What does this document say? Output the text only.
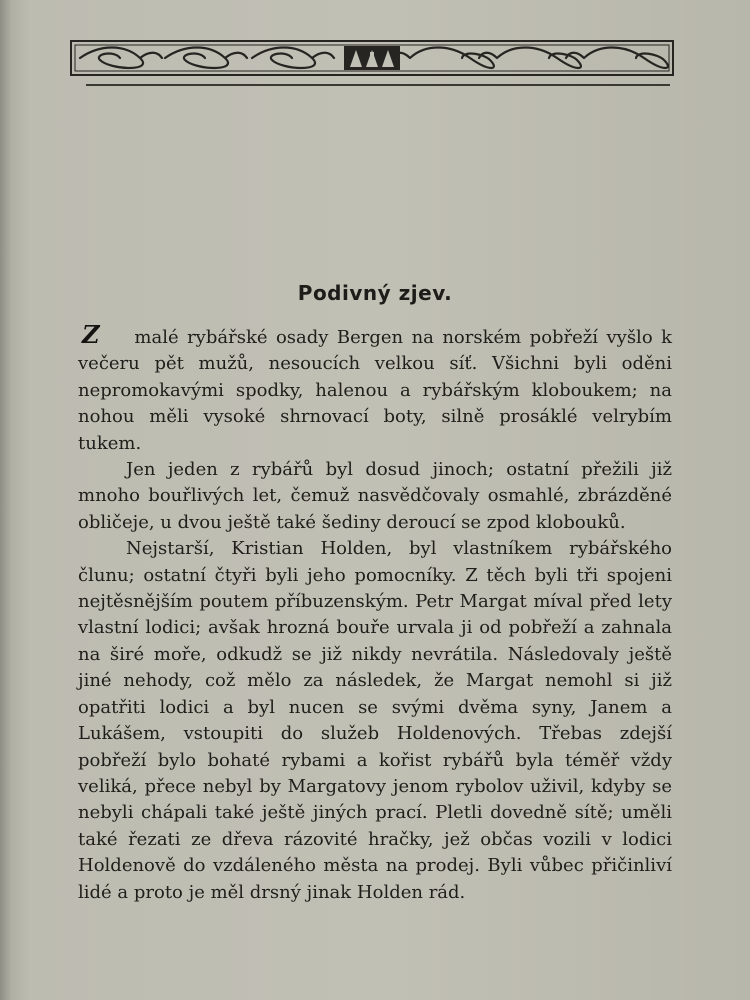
Podivný zjev.

Z malé rybářské osady Bergen na norském pobřeží vyšlo k večeru pět mužů, nesoucích velkou síť. Všichni byli oděni nepromokavými spodky, halenou a rybářským kloboukem; na nohou měli vysoké shrnovací boty, silně prosáklé velrybím tukem.

Jen jeden z rybářů byl dosud jinoch; ostatní přežili již mnoho bouřlivých let, čemuž nasvědčovaly osmahlé, zbrázděné obličeje, u dvou ještě také šediny deroucí se zpod klobouků.

Nejstarší, Kristian Holden, byl vlastníkem rybářského člunu; ostatní čtyři byli jeho pomocníky. Z těch byli tři spojeni nejtěsnějším poutem příbuzenským. Petr Margat míval před lety vlastní lodici; avšak hrozná bouře urvala ji od pobřeží a zahnala na širé moře, odkudž se již nikdy nevrátila. Následovaly ještě jiné nehody, což mělo za následek, že Margat nemohl si již opatřiti lodici a byl nucen se svými dvěma syny, Janem a Lukášem, vstoupiti do služeb Holdenových. Třebas zdejší pobřeží bylo bohaté rybami a kořist rybářů byla téměř vždy veliká, přece nebyl by Margatovy jenom rybolov uživil, kdyby se nebyli chápali také ještě jiných prací. Pletli dovedně sítě; uměli také řezati ze dřeva rázovité hračky, jež občas vozili v lodici Holdenově do vzdáleného města na prodej. Byli vůbec přičinliví lidé a proto je měl drsný jinak Holden rád.
